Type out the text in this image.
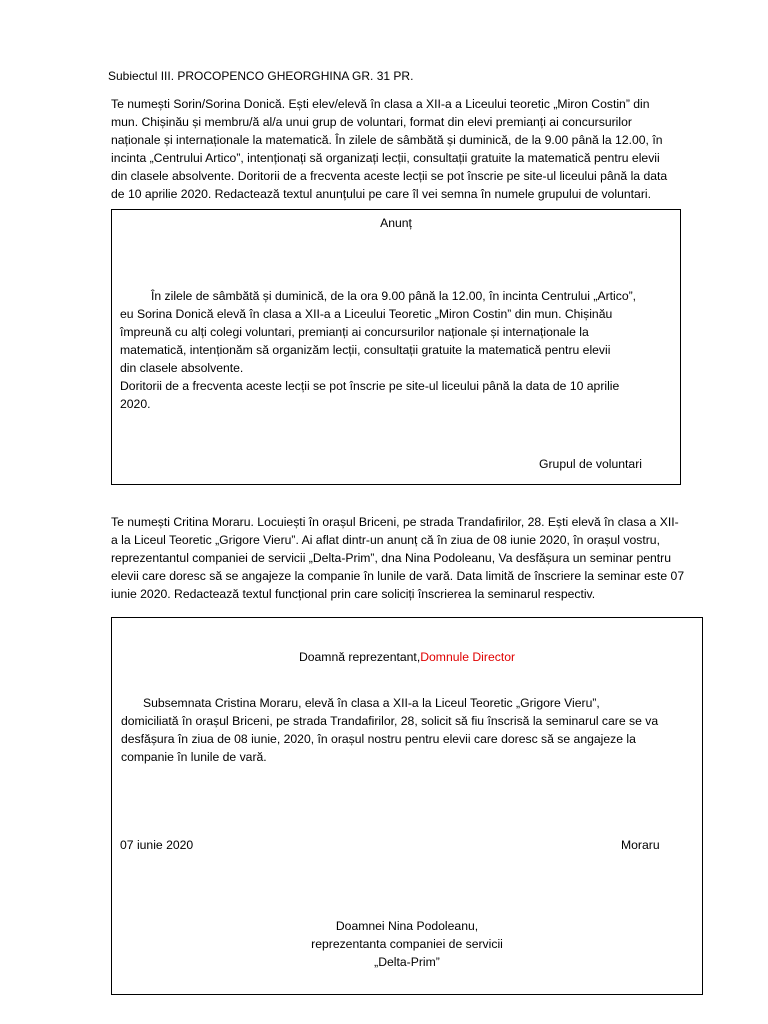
Subiectul III. PROCOPENCO GHEORGHINA GR. 31 PR.

Te numești Sorin/Sorina Donică. Ești elev/elevă în clasa a XII-a a Liceului teoretic „Miron Costin” din

mun. Chișinău și membru/ă al/a unui grup de voluntari, format din elevi premianți ai concursurilor

naționale și internaționale la matematică. În zilele de sâmbătă și duminică, de la 9.00 până la 12.00, în

incinta „Centrului Artico”, intenționați să organizați lecții, consultații gratuite la matematică pentru elevii

din clasele absolvente. Doritorii de a frecventa aceste lecții se pot înscrie pe site-ul liceului până la data

de 10 aprilie 2020. Redactează textul anunțului pe care îl vei semna în numele grupului de voluntari.

Anunț

În zilele de sâmbătă și duminică, de la ora 9.00 până la 12.00, în incinta Centrului „Artico”,

eu Sorina Donică elevă în clasa a XII-a a Liceului Teoretic „Miron Costin” din mun. Chișinău

împreună cu alți colegi voluntari, premianți ai concursurilor naționale și internaționale la

matematică, intenționăm să organizăm lecții, consultații gratuite la matematică pentru elevii

din clasele absolvente.

Doritorii de a frecventa aceste lecții se pot înscrie pe site-ul liceului până la data de 10 aprilie

2020.

Grupul de voluntari

Te numești Critina Moraru. Locuiești în orașul Briceni, pe strada Trandafirilor, 28. Ești elevă în clasa a XII-

a la Liceul Teoretic „Grigore Vieru”. Ai aflat dintr-un anunț că în ziua de 08 iunie 2020, în orașul vostru,

reprezentantul companiei de servicii „Delta-Prim”, dna Nina Podoleanu, Va desfășura un seminar pentru

elevii care doresc să se angajeze la companie în lunile de vară. Data limită de înscriere la seminar este 07

iunie 2020. Redactează textul funcțional prin care soliciți înscrierea la seminarul respectiv.

Doamnă reprezentant,Domnule Director

Subsemnata Cristina Moraru, elevă în clasa a XII-a la Liceul Teoretic „Grigore Vieru”,

domiciliată în orașul Briceni, pe strada Trandafirilor, 28, solicit să fiu înscrisă la seminarul care se va

desfășura în ziua de 08 iunie, 2020, în orașul nostru pentru elevii care doresc să se angajeze la

companie în lunile de vară.

07 iunie 2020	Moraru

Doamnei Nina Podoleanu,

reprezentanta companiei de servicii

„Delta-Prim”
